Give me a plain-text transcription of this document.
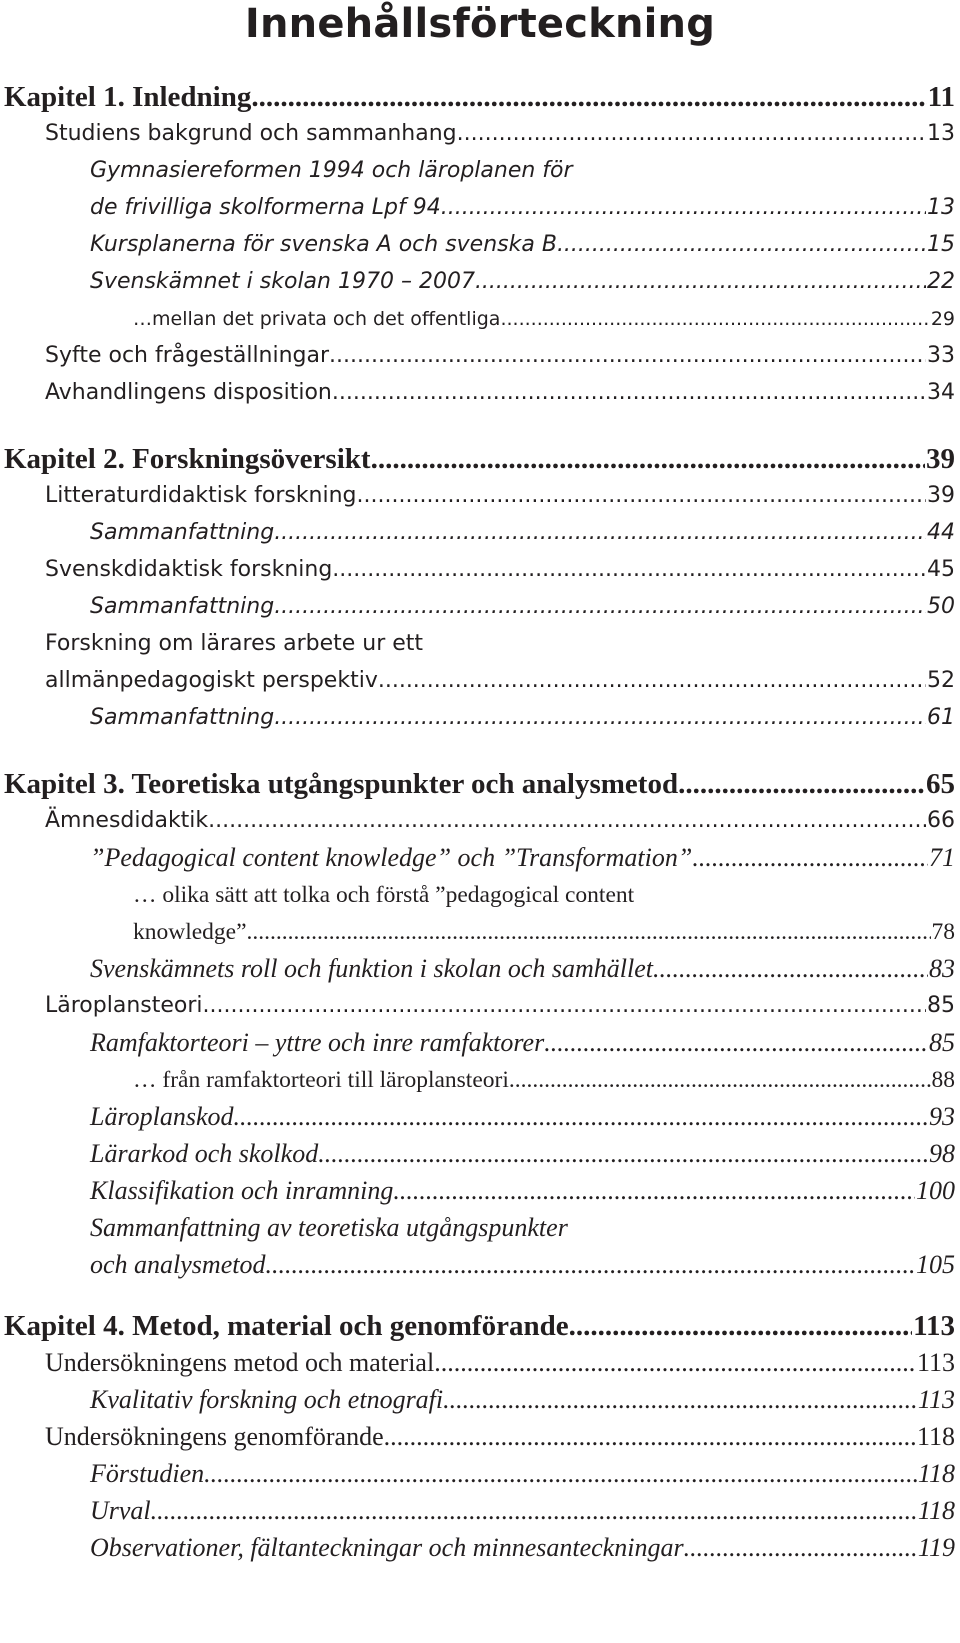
Innehållsförteckning
Kapitel 1. Inledning .....	11
Studiens bakgrund och sammanhang .....	13
Gymnasiereformen 1994 och läroplanen för
de frivilliga skolformerna Lpf 94 .....	13
Kursplanerna för svenska A och svenska B .....	15
Svenskämnet i skolan 1970 – 2007 .....	22
…mellan det privata och det offentliga .....	29
Syfte och frågeställningar .....	33
Avhandlingens disposition .....	34
Kapitel 2. Forskningsöversikt .....	39
Litteraturdidaktisk forskning .....	39
Sammanfattning .....	44
Svenskdidaktisk forskning .....	45
Sammanfattning .....	50
Forskning om lärares arbete ur ett
allmänpedagogiskt perspektiv .....	52
Sammanfattning .....	61
Kapitel 3. Teoretiska utgångspunkter och analysmetod .....	65
Ämnesdidaktik .....	66
”Pedagogical content knowledge” och ”Transformation” .....	71
… olika sätt att tolka och förstå ”pedagogical content
knowledge” .....	78
Svenskämnets roll och funktion i skolan och samhället .....	83
Läroplansteori .....	85
Ramfaktorteori – yttre och inre ramfaktorer .....	85
… från ramfaktorteori till läroplansteori .....	88
Läroplanskod .....	93
Lärarkod och skolkod .....	98
Klassifikation och inramning .....	100
Sammanfattning av teoretiska utgångspunkter
och analysmetod .....	105
Kapitel 4. Metod, material och genomförande .....	113
Undersökningens metod och material .....	113
Kvalitativ forskning och etnografi .....	113
Undersökningens genomförande .....	118
Förstudien .....	118
Urval .....	118
Observationer, fältanteckningar och minnesanteckningar .....	119
